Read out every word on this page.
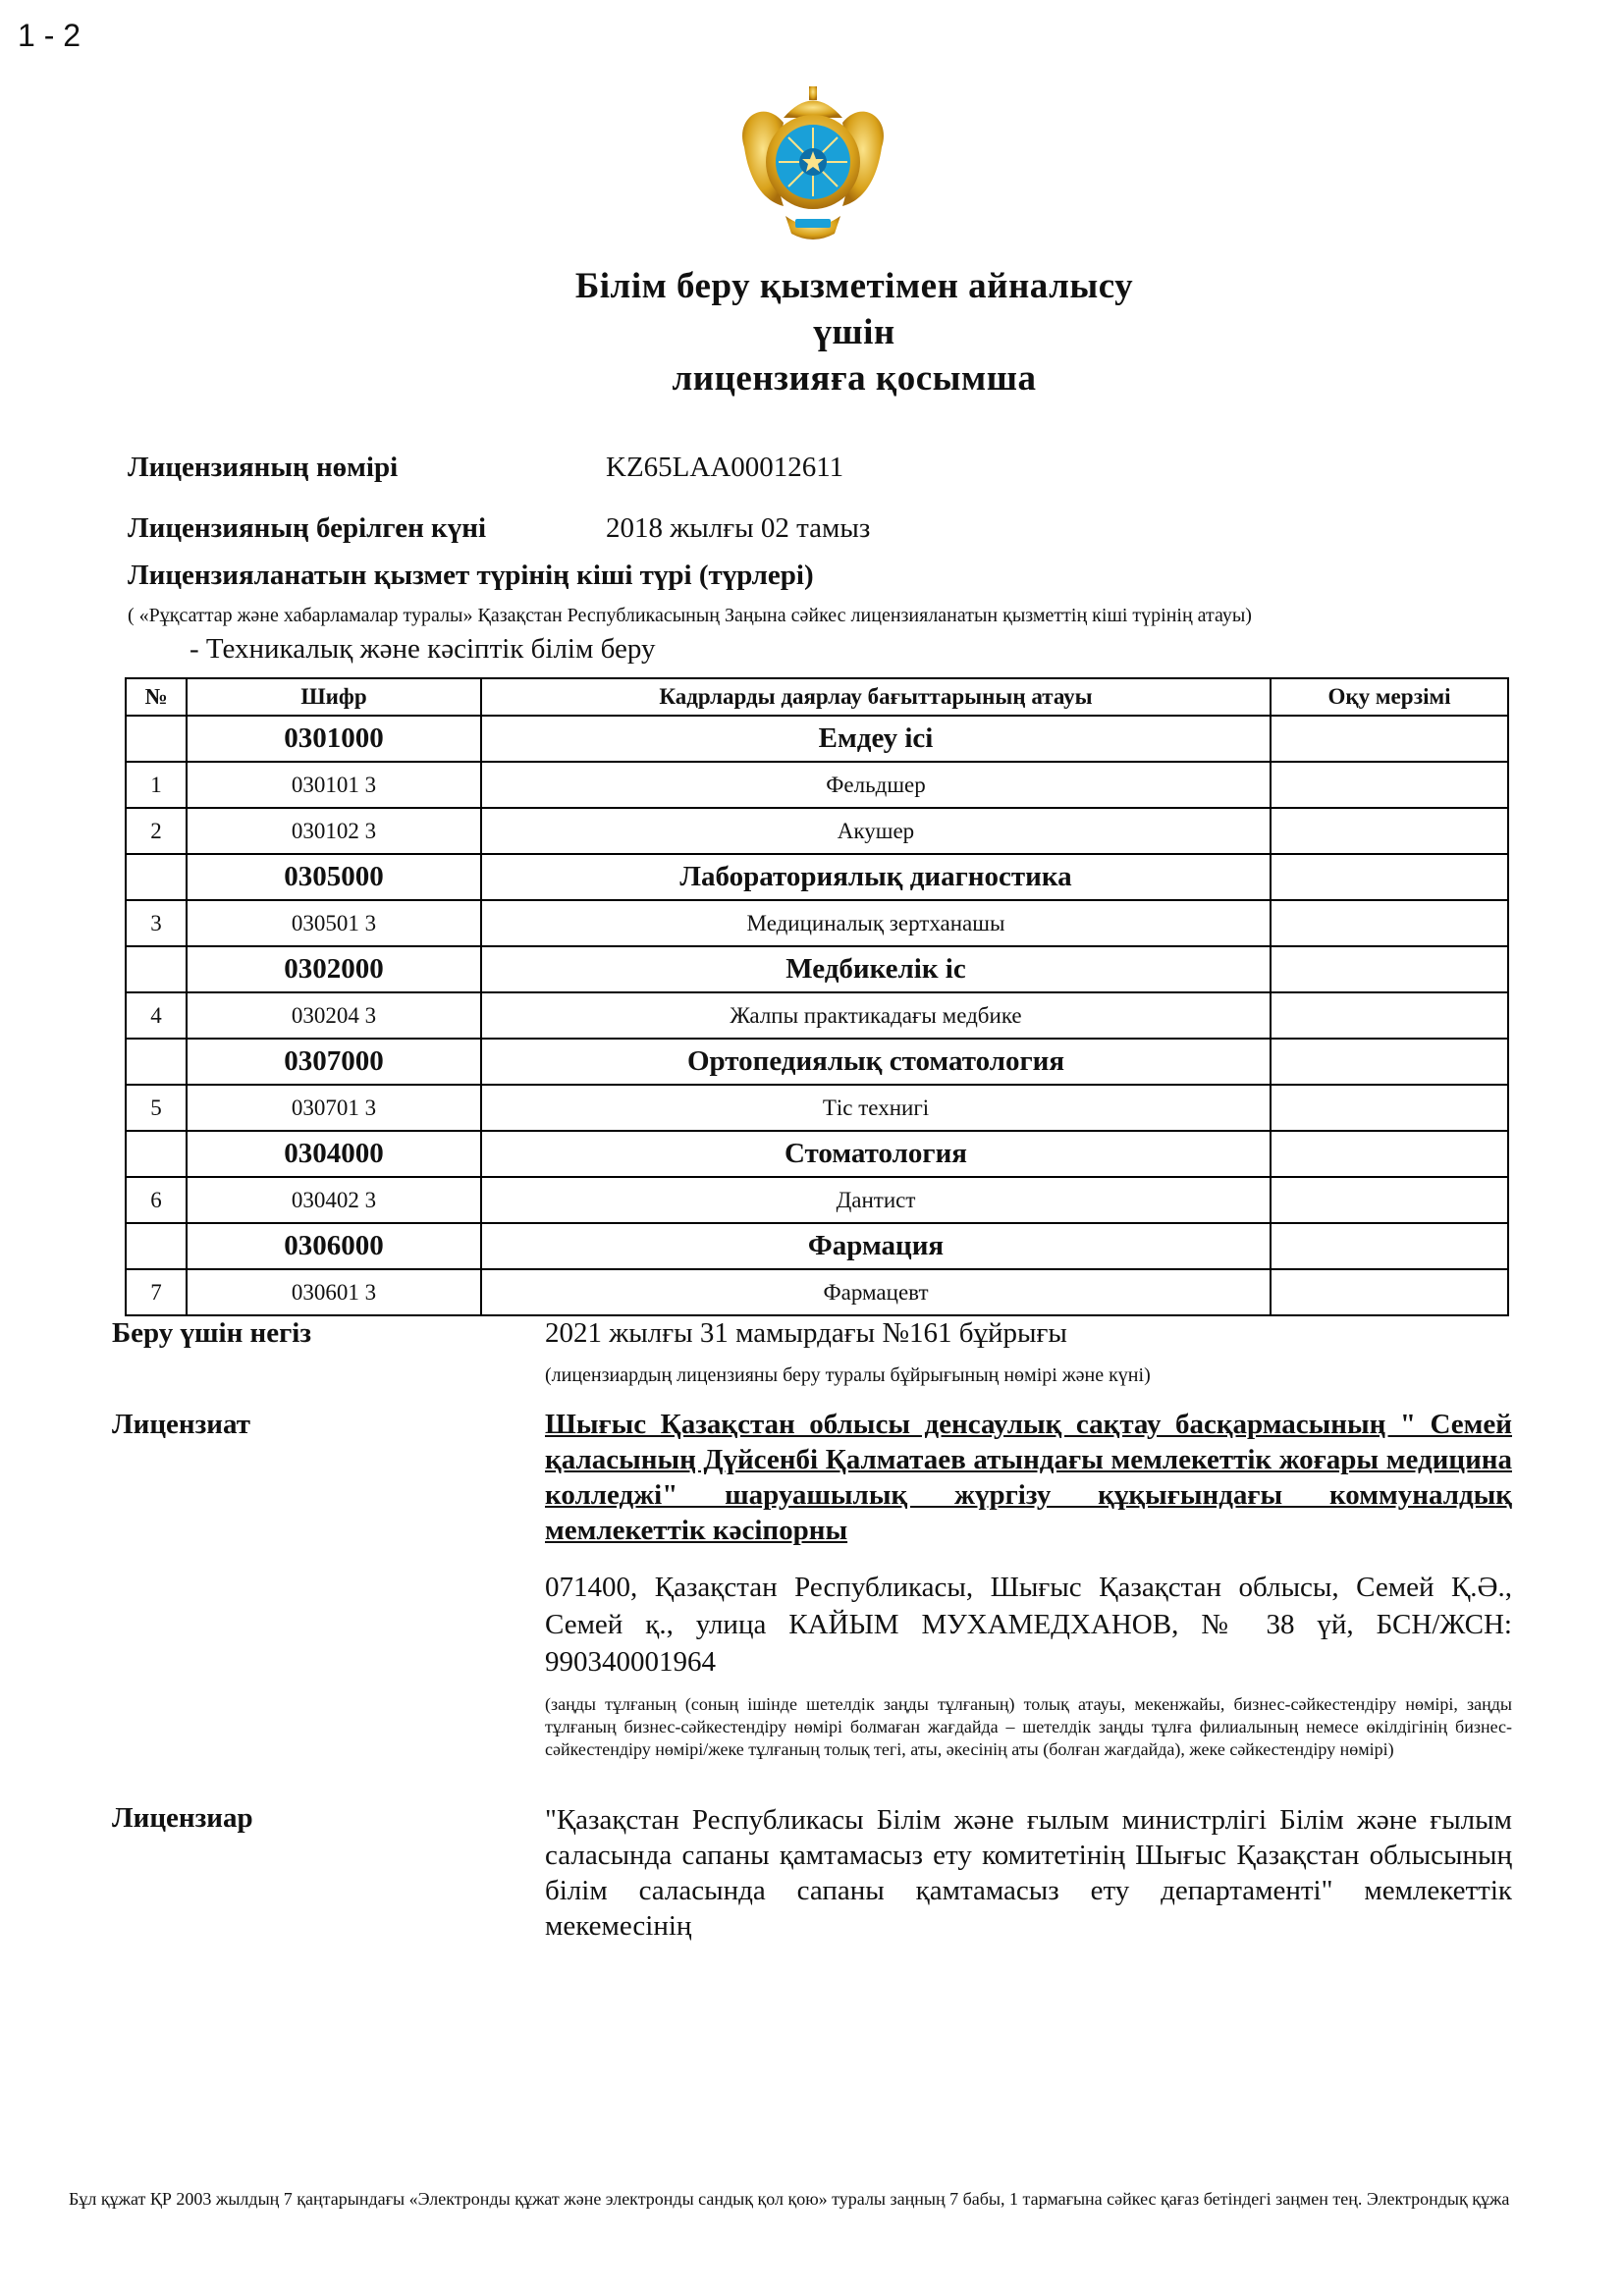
1 - 2
Білім беру қызметімен айналысу
үшін
лицензияға қосымша
Лицензияның нөмірі	KZ65LAA00012611
Лицензияның берілген күні	2018 жылғы 02 тамыз
Лицензияланатын қызмет түрінің кіші түрі (түрлері)
( «Рұқсаттар және хабарламалар туралы» Қазақстан Республикасының Заңына сәйкес лицензияланатын қызметтің кіші түрінің атауы)
- Техникалық және кәсіптік білім беру
№	Шифр	Кадрларды даярлау бағыттарының атауы	Оқу мерзімі
	0301000	Емдеу ісі	
1	030101 3	Фельдшер	
2	030102 3	Акушер	
	0305000	Лабораториялық диагностика	
3	030501 3	Медициналық зертханашы	
	0302000	Медбикелік іс	
4	030204 3	Жалпы практикадағы медбике	
	0307000	Ортопедиялық стоматология	
5	030701 3	Тіс технигі	
	0304000	Стоматология	
6	030402 3	Дантист	
	0306000	Фармация	
7	030601 3	Фармацевт	
Беру үшін негіз	2021 жылғы 31 мамырдағы №161 бұйрығы
(лицензиардың лицензияны беру туралы бұйрығының нөмірі және күні)
Лицензиат	Шығыс Қазақстан облысы денсаулық сақтау басқармасының " Семей қаласының Дүйсенбі Қалматаев атындағы мемлекеттік жоғары медицина колледжі" шаруашылық жүргізу құқығындағы коммуналдық мемлекеттік кәсіпорны
071400, Қазақстан Республикасы, Шығыс Қазақстан облысы, Семей Қ.Ә., Семей қ., улица КАЙЫМ МУХАМЕДХАНОВ, № 38 үй, БСН/ЖСН: 990340001964
(заңды тұлғаның (соның ішінде шетелдік заңды тұлғаның) толық атауы, мекенжайы, бизнес-сәйкестендіру нөмірі, заңды тұлғаның бизнес-сәйкестендіру нөмірі болмаған жағдайда – шетелдік заңды тұлға филиалының немесе өкілдігінің бизнес-сәйкестендіру нөмірі/жеке тұлғаның толық тегі, аты, әкесінің аты (болған жағдайда), жеке сәйкестендіру нөмірі)
Лицензиар	"Қазақстан Республикасы Білім және ғылым министрлігі Білім және ғылым саласында сапаны қамтамасыз ету комитетінің Шығыс Қазақстан облысының білім саласында сапаны қамтамасыз ету департаменті" мемлекеттік мекемесінің
Бұл құжат ҚР 2003 жылдың 7 қаңтарындағы «Электронды құжат және электронды сандық қол қою» туралы заңның 7 бабы, 1 тармағына сәйкес қағаз бетіндегі заңмен тең. Электрондық құжа
